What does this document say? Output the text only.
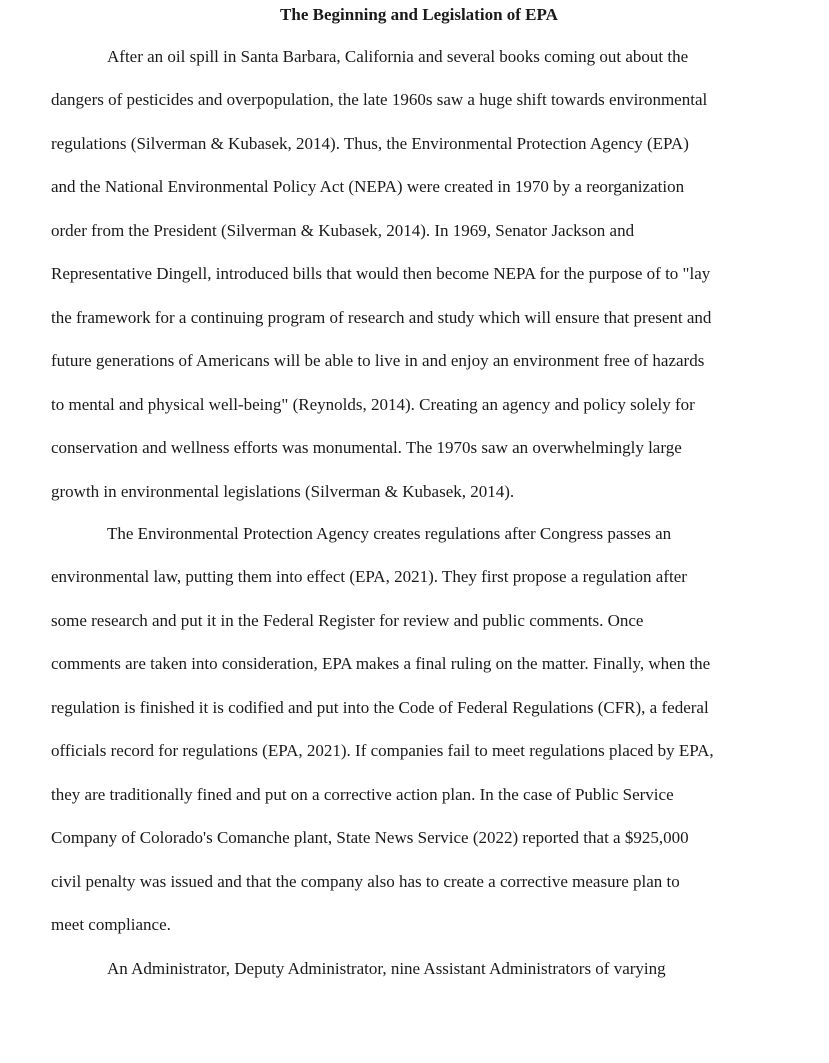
The Beginning and Legislation of EPA

After an oil spill in Santa Barbara, California and several books coming out about the

dangers of pesticides and overpopulation, the late 1960s saw a huge shift towards environmental

regulations (Silverman & Kubasek, 2014). Thus, the Environmental Protection Agency (EPA)

and the National Environmental Policy Act (NEPA) were created in 1970 by a reorganization

order from the President (Silverman & Kubasek, 2014). In 1969, Senator Jackson and

Representative Dingell, introduced bills that would then become NEPA for the purpose of to "lay

the framework for a continuing program of research and study which will ensure that present and

future generations of Americans will be able to live in and enjoy an environment free of hazards

to mental and physical well-being" (Reynolds, 2014). Creating an agency and policy solely for

conservation and wellness efforts was monumental. The 1970s saw an overwhelmingly large

growth in environmental legislations (Silverman & Kubasek, 2014).

The Environmental Protection Agency creates regulations after Congress passes an

environmental law, putting them into effect (EPA, 2021). They first propose a regulation after

some research and put it in the Federal Register for review and public comments. Once

comments are taken into consideration, EPA makes a final ruling on the matter. Finally, when the

regulation is finished it is codified and put into the Code of Federal Regulations (CFR), a federal

officials record for regulations (EPA, 2021). If companies fail to meet regulations placed by EPA,

they are traditionally fined and put on a corrective action plan. In the case of Public Service

Company of Colorado's Comanche plant, State News Service (2022) reported that a $925,000

civil penalty was issued and that the company also has to create a corrective measure plan to

meet compliance.

An Administrator, Deputy Administrator, nine Assistant Administrators of varying
